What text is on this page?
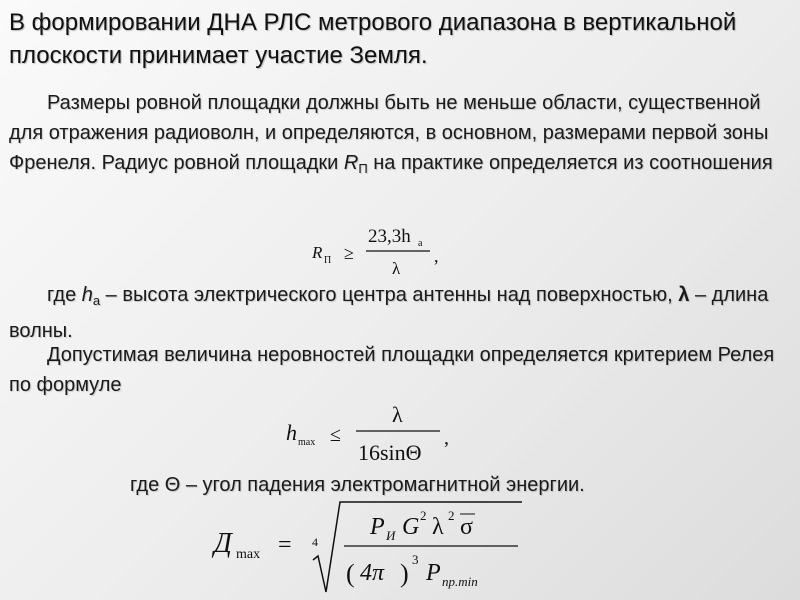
В формировании ДНА РЛС метрового диапазона в вертикальной плоскости принимает участие Земля.

Размеры ровной площадки должны быть не меньше области, существенной для отражения радиоволн, и определяются, в основном, размерами первой зоны Френеля. Радиус ровной площадки $R_П$ на практике определяется из соотношения

R П ≥
23,3h а
λ
,

где $h_а$ – высота электрического центра антенны над поверхностью, λ – длина волны.

Допустимая величина неровностей площадки определяется критерием Релея по формуле

h max ≤
λ
16sinΘ
,

где Θ – угол падения электромагнитной энергии.

Д max = 4
P И G 2 λ 2 σ
( 4π ) 3
P пр.min
